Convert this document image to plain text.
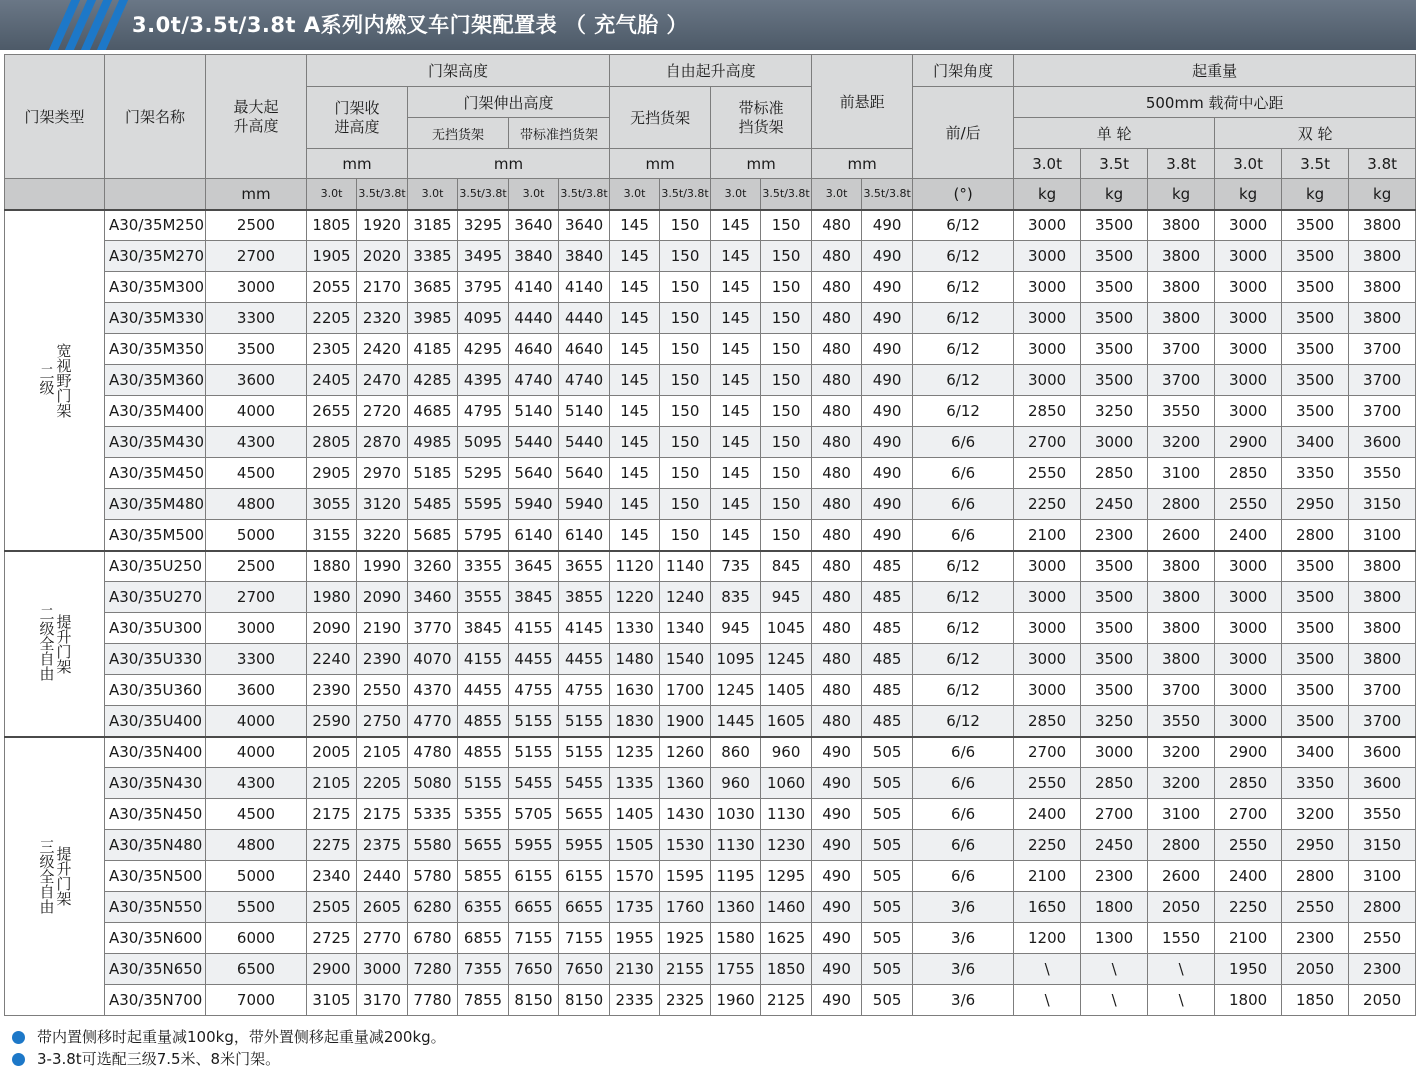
3.0t/3.5t/3.8t A系列内燃叉车门架配置表 （ 充气胎 ）
门架类型	门架名称	最大起升高度	门架高度						自由起升高度				前悬距		门架角度	起重量					
			门架收进高度		门架伸出高度				无挡货架		带标准挡货架				前/后	500mm 载荷中心距					
					无挡货架		带标准挡货架									单 轮			双 轮		
			mm		mm				mm		mm		mm			3.0t	3.5t	3.8t	3.0t	3.5t	3.8t
		mm	3.0t	3.5t/3.8t	3.0t	3.5t/3.8t	3.0t	3.5t/3.8t	3.0t	3.5t/3.8t	3.0t	3.5t/3.8t	3.0t	3.5t/3.8t	(°)	kg	kg	kg	kg	kg	kg
二级宽视野门架	A30/35M250	2500	1805	1920	3185	3295	3640	3640	145	150	145	150	480	490	6/12	3000	3500	3800	3000	3500	3800
	A30/35M270	2700	1905	2020	3385	3495	3840	3840	145	150	145	150	480	490	6/12	3000	3500	3800	3000	3500	3800
	A30/35M300	3000	2055	2170	3685	3795	4140	4140	145	150	145	150	480	490	6/12	3000	3500	3800	3000	3500	3800
	A30/35M330	3300	2205	2320	3985	4095	4440	4440	145	150	145	150	480	490	6/12	3000	3500	3800	3000	3500	3800
	A30/35M350	3500	2305	2420	4185	4295	4640	4640	145	150	145	150	480	490	6/12	3000	3500	3700	3000	3500	3700
	A30/35M360	3600	2405	2470	4285	4395	4740	4740	145	150	145	150	480	490	6/12	3000	3500	3700	3000	3500	3700
	A30/35M400	4000	2655	2720	4685	4795	5140	5140	145	150	145	150	480	490	6/12	2850	3250	3550	3000	3500	3700
	A30/35M430	4300	2805	2870	4985	5095	5440	5440	145	150	145	150	480	490	6/6	2700	3000	3200	2900	3400	3600
	A30/35M450	4500	2905	2970	5185	5295	5640	5640	145	150	145	150	480	490	6/6	2550	2850	3100	2850	3350	3550
	A30/35M480	4800	3055	3120	5485	5595	5940	5940	145	150	145	150	480	490	6/6	2250	2450	2800	2550	2950	3150
	A30/35M500	5000	3155	3220	5685	5795	6140	6140	145	150	145	150	480	490	6/6	2100	2300	2600	2400	2800	3100
二级全自由提升门架	A30/35U250	2500	1880	1990	3260	3355	3645	3655	1120	1140	735	845	480	485	6/12	3000	3500	3800	3000	3500	3800
	A30/35U270	2700	1980	2090	3460	3555	3845	3855	1220	1240	835	945	480	485	6/12	3000	3500	3800	3000	3500	3800
	A30/35U300	3000	2090	2190	3770	3845	4155	4145	1330	1340	945	1045	480	485	6/12	3000	3500	3800	3000	3500	3800
	A30/35U330	3300	2240	2390	4070	4155	4455	4455	1480	1540	1095	1245	480	485	6/12	3000	3500	3800	3000	3500	3800
	A30/35U360	3600	2390	2550	4370	4455	4755	4755	1630	1700	1245	1405	480	485	6/12	3000	3500	3700	3000	3500	3700
	A30/35U400	4000	2590	2750	4770	4855	5155	5155	1830	1900	1445	1605	480	485	6/12	2850	3250	3550	3000	3500	3700
三级全自由提升门架	A30/35N400	4000	2005	2105	4780	4855	5155	5155	1235	1260	860	960	490	505	6/6	2700	3000	3200	2900	3400	3600
	A30/35N430	4300	2105	2205	5080	5155	5455	5455	1335	1360	960	1060	490	505	6/6	2550	2850	3200	2850	3350	3600
	A30/35N450	4500	2175	2175	5335	5355	5705	5655	1405	1430	1030	1130	490	505	6/6	2400	2700	3100	2700	3200	3550
	A30/35N480	4800	2275	2375	5580	5655	5955	5955	1505	1530	1130	1230	490	505	6/6	2250	2450	2800	2550	2950	3150
	A30/35N500	5000	2340	2440	5780	5855	6155	6155	1570	1595	1195	1295	490	505	6/6	2100	2300	2600	2400	2800	3100
	A30/35N550	5500	2505	2605	6280	6355	6655	6655	1735	1760	1360	1460	490	505	3/6	1650	1800	2050	2250	2550	2800
	A30/35N600	6000	2725	2770	6780	6855	7155	7155	1955	1925	1580	1625	490	505	3/6	1200	1300	1550	2100	2300	2550
	A30/35N650	6500	2900	3000	7280	7355	7650	7650	2130	2155	1755	1850	490	505	3/6	\	\	\	1950	2050	2300
	A30/35N700	7000	3105	3170	7780	7855	8150	8150	2335	2325	1960	2125	490	505	3/6	\	\	\	1800	1850	2050
带内置侧移时起重量减100kg，带外置侧移起重量减200kg。
3-3.8t可选配三级7.5米、8米门架。
